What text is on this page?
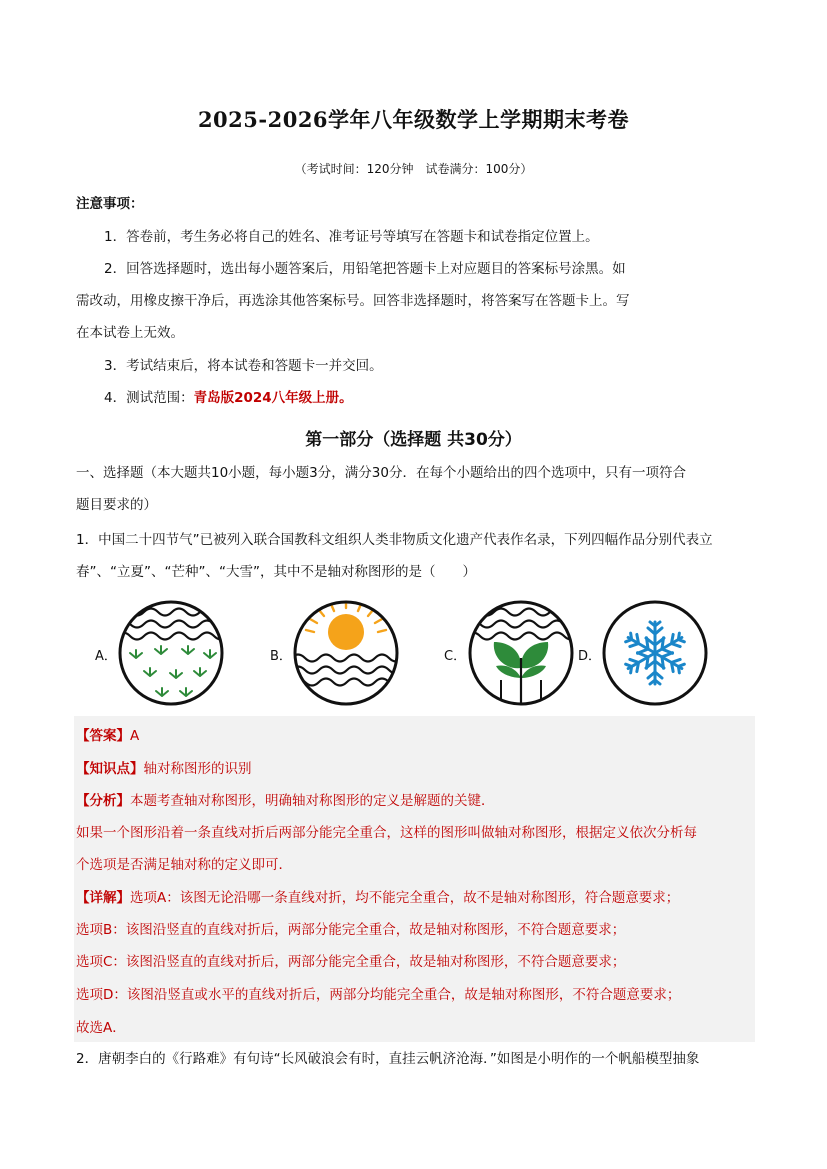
2025-2026学年八年级数学上学期期末考卷
（考试时间：120分钟　试卷满分：100分）
注意事项：
1．答卷前，考生务必将自己的姓名、准考证号等填写在答题卡和试卷指定位置上。
2．回答选择题时，选出每小题答案后，用铅笔把答题卡上对应题目的答案标号涂黑。如
需改动，用橡皮擦干净后，再选涂其他答案标号。回答非选择题时，将答案写在答题卡上。写
在本试卷上无效。
3．考试结束后，将本试卷和答题卡一并交回。
4．测试范围：青岛版2024八年级上册。
第一部分（选择题 共30分）
一、选择题（本大题共10小题，每小题3分，满分30分．在每个小题给出的四个选项中，只有一项符合
题目要求的）
1．中国二十四节气”已被列入联合国教科文组织人类非物质文化遗产代表作名录，下列四幅作品分别代表立
春”、“立夏”、“芒种”、“大雪”，其中不是轴对称图形的是（　　）
A．	B．	C．	D．
【答案】A
【知识点】轴对称图形的识别
【分析】本题考查轴对称图形，明确轴对称图形的定义是解题的关键．
如果一个图形沿着一条直线对折后两部分能完全重合，这样的图形叫做轴对称图形，根据定义依次分析每
个选项是否满足轴对称的定义即可．
【详解】选项A：该图无论沿哪一条直线对折，均不能完全重合，故不是轴对称图形，符合题意要求；
选项B：该图沿竖直的直线对折后，两部分能完全重合，故是轴对称图形，不符合题意要求；
选项C：该图沿竖直的直线对折后，两部分能完全重合，故是轴对称图形，不符合题意要求；
选项D：该图沿竖直或水平的直线对折后，两部分均能完全重合，故是轴对称图形，不符合题意要求；
故选A．
2．唐朝李白的《行路难》有句诗“长风破浪会有时，直挂云帆济沧海．”如图是小明作的一个帆船模型抽象
